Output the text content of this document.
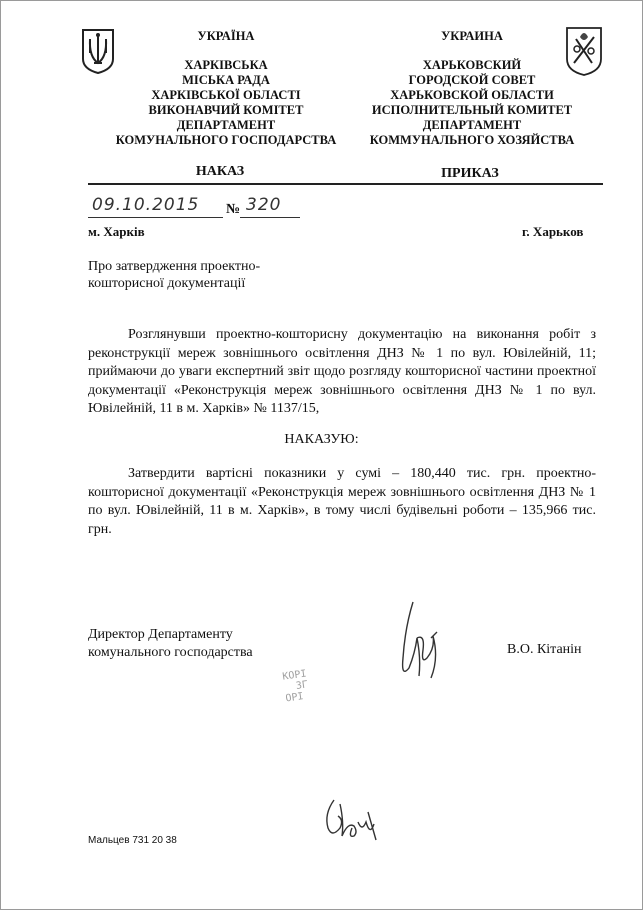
УКРАЇНА
ХАРКІВСЬКА
МІСЬКА РАДА
ХАРКІВСЬКОЇ ОБЛАСТІ
ВИКОНАВЧИЙ КОМІТЕТ
ДЕПАРТАМЕНТ
КОМУНАЛЬНОГО ГОСПОДАРСТВА
УКРАИНА
ХАРЬКОВСКИЙ
ГОРОДСКОЙ СОВЕТ
ХАРЬКОВСКОЙ ОБЛАСТИ
ИСПОЛНИТЕЛЬНЫЙ КОМИТЕТ
ДЕПАРТАМЕНТ
КОММУНАЛЬНОГО ХОЗЯЙСТВА
НАКАЗ	ПРИКАЗ
09.10.2015 № 320
м. Харків	г. Харьков
Про затвердження проектно-
кошторисної документації

Розглянувши проектно-кошторисну документацію на виконання робіт з реконструкції мереж зовнішнього освітлення ДНЗ № 1 по вул. Ювілейній, 11; приймаючи до уваги експертний звіт щодо розгляду кошторисної частини проектної документації «Реконструкція мереж зовнішнього освітлення ДНЗ № 1 по вул. Ювілейній, 11 в м. Харків» № 1137/15,

НАКАЗУЮ:

Затвердити вартісні показники у сумі – 180,440 тис. грн. проектно-кошторисної документації «Реконструкція мереж зовнішнього освітлення ДНЗ № 1 по вул. Ювілейній, 11 в м. Харків», в тому числі будівельні роботи – 135,966 тис. грн.

Директор Департаменту
комунального господарства	В.О. Кітанін
КОРІ
ЗГ
ОРІ
Мальцев 731 20 38
